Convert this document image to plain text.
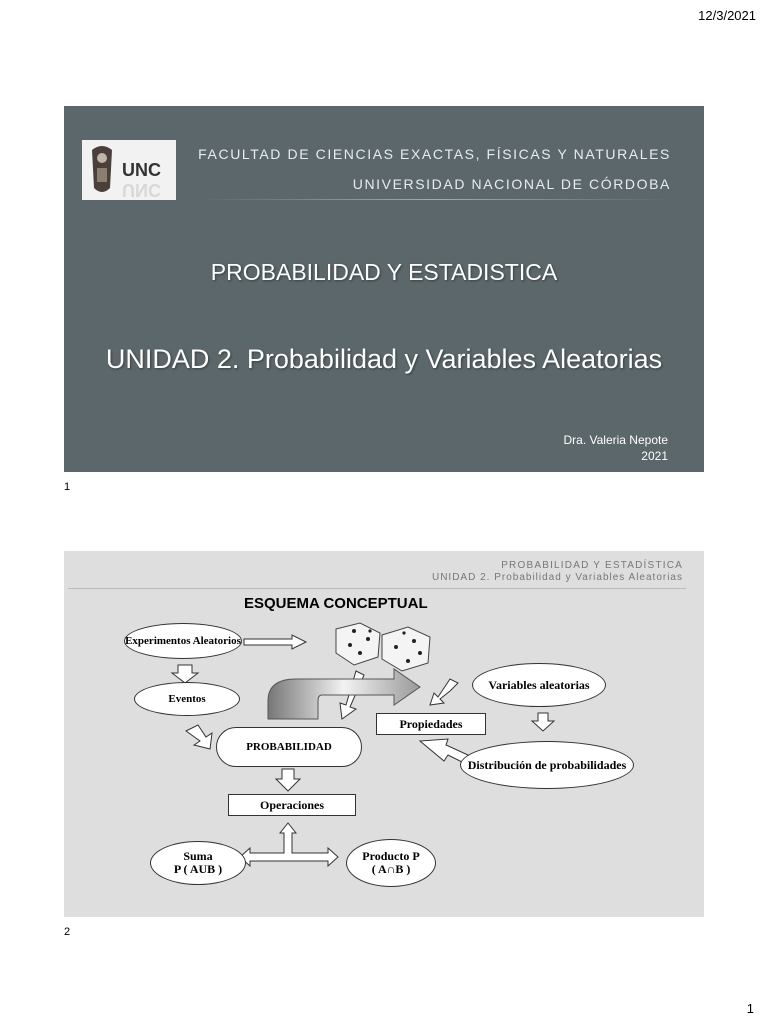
12/3/2021
UNC
UNC
FACULTAD DE CIENCIAS EXACTAS, FÍSICAS Y NATURALES
UNIVERSIDAD NACIONAL DE CÓRDOBA
PROBABILIDAD Y ESTADISTICA
UNIDAD 2. Probabilidad y Variables Aleatorias
Dra. Valeria Nepote
2021
1
PROBABILIDAD Y ESTADÍSTICA
UNIDAD 2. Probabilidad y Variables Aleatorias
ESQUEMA CONCEPTUAL
Experimentos Aleatorios
Eventos
PROBABILIDAD
Operaciones
Suma
P ( AUB )
Producto P
( A∩B )
Variables aleatorias
Propiedades
Distribución de probabilidades
2
1
